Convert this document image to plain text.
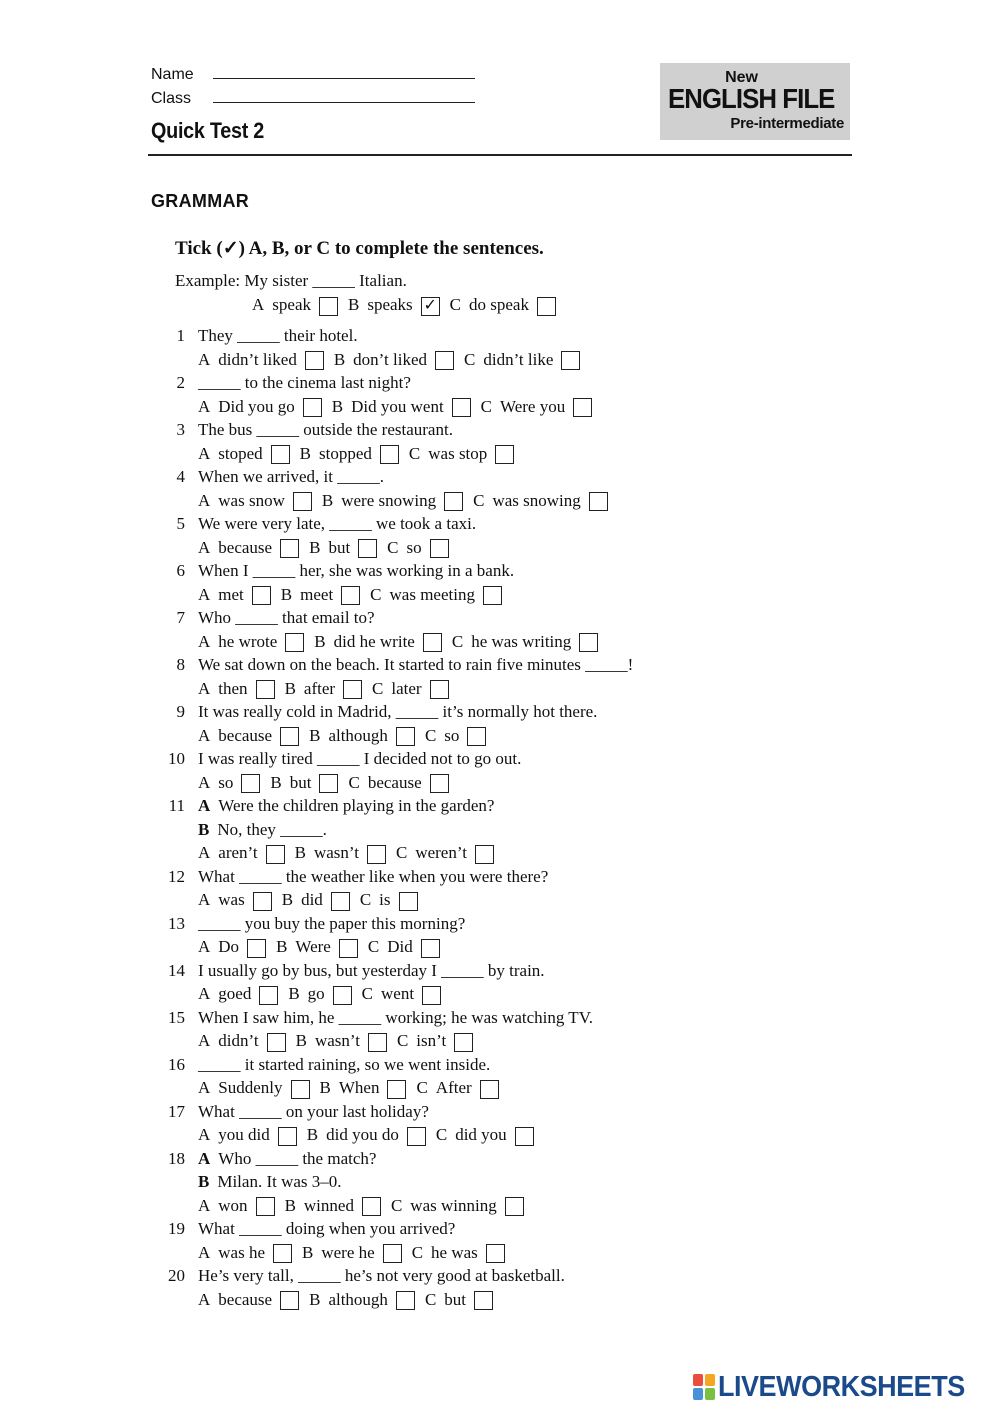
Name
Class
Quick Test 2
New
ENGLISH FILE
Pre-intermediate
GRAMMAR
Tick (✓) A, B, or C to complete the sentences.
Example: My sister _____ Italian.
A speak B speaks ✓ C do speak
1 They _____ their hotel.
A didn’t liked B don’t liked C didn’t like
2 _____ to the cinema last night?
A Did you go B Did you went C Were you
3 The bus _____ outside the restaurant.
A stoped B stopped C was stop
4 When we arrived, it _____.
A was snow B were snowing C was snowing
5 We were very late, _____ we took a taxi.
A because B but C so
6 When I _____ her, she was working in a bank.
A met B meet C was meeting
7 Who _____ that email to?
A he wrote B did he write C he was writing
8 We sat down on the beach. It started to rain five minutes _____!
A then B after C later
9 It was really cold in Madrid, _____ it’s normally hot there.
A because B although C so
10 I was really tired _____ I decided not to go out.
A so B but C because
11 A Were the children playing in the garden?
B No, they _____.
A aren’t B wasn’t C weren’t
12 What _____ the weather like when you were there?
A was B did C is
13 _____ you buy the paper this morning?
A Do B Were C Did
14 I usually go by bus, but yesterday I _____ by train.
A goed B go C went
15 When I saw him, he _____ working; he was watching TV.
A didn’t B wasn’t C isn’t
16 _____ it started raining, so we went inside.
A Suddenly B When C After
17 What _____ on your last holiday?
A you did B did you do C did you
18 A Who _____ the match?
B Milan. It was 3–0.
A won B winned C was winning
19 What _____ doing when you arrived?
A was he B were he C he was
20 He’s very tall, _____ he’s not very good at basketball.
A because B although C but
LIVEWORKSHEETS
